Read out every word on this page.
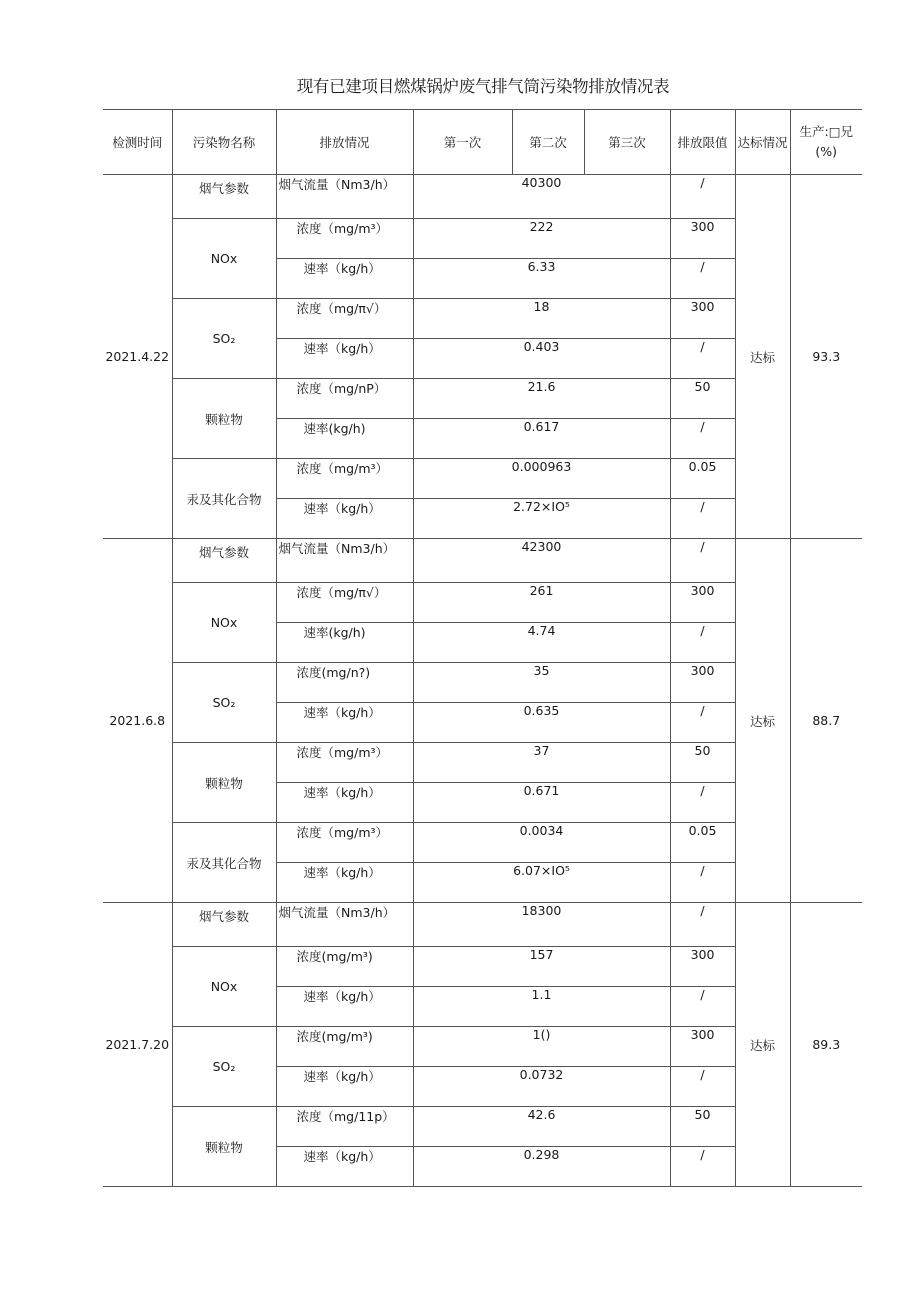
现有已建项目燃煤锅炉废气排气筒污染物排放情况表
检测时间	污染物名称	排放情况	第一次	第二次	第三次	排放限值	达标情况	生产:□兄
(%)

2021.4.22	烟气参数	烟气流量（Nm3/h）	40300			/	达标	93.3
	NOx	浓度（mg/m³）	222			300		
		速率（kg/h）	6.33			/		
	SO₂	浓度（mg/π√）	18			300		
		速率（kg/h）	0.403			/		
	颗粒物	浓度（mg/nP）	21.6			50		
		速率(kg/h)	0.617			/		
	汞及其化合物	浓度（mg/m³）	0.000963			0.05		
		速率（kg/h）	2.72×IO⁵			/		
2021.6.8	烟气参数	烟气流量（Nm3/h）	42300			/	达标	88.7
	NOx	浓度（mg/π√）	261			300		
		速率(kg/h)	4.74			/		
	SO₂	浓度(mg/n?)	35			300		
		速率（kg/h）	0.635			/		
	颗粒物	浓度（mg/m³）	37			50		
		速率（kg/h）	0.671			/		
	汞及其化合物	浓度（mg/m³）	0.0034			0.05		
		速率（kg/h）	6.07×IO⁵			/		
2021.7.20	烟气参数	烟气流量（Nm3/h）	18300			/	达标	89.3
	NOx	浓度(mg/m³)	157			300		
		速率（kg/h）	1.1			/		
	SO₂	浓度(mg/m³)	1()			300		
		速率（kg/h）	0.0732			/		
	颗粒物	浓度（mg/11p）	42.6			50		
		速率（kg/h）	0.298			/		
